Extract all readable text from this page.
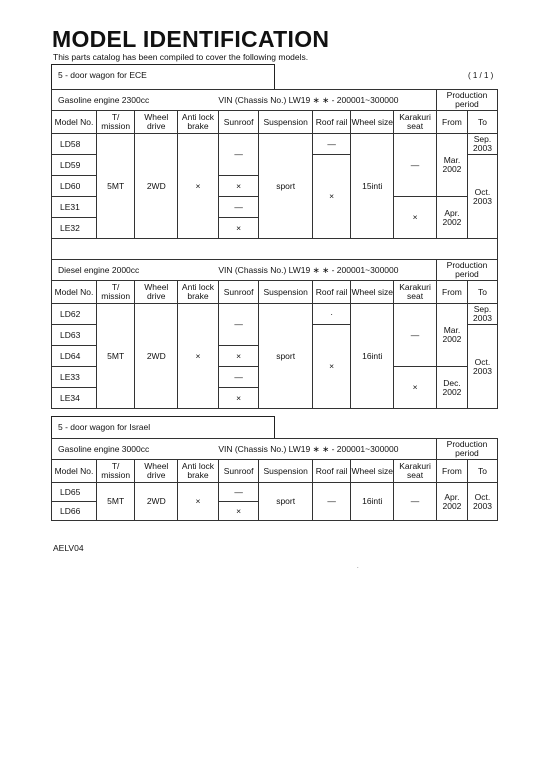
MODEL IDENTIFICATION
This parts catalog has been compiled to cover the following models.
5 - door wagon for ECE	( 1 / 1 )
Gasoline engine 2300cc				VIN (Chassis No.) LW19 ∗ ∗ - 200001~300000					Production period	
Model No.	T/ mission	Wheel drive	Anti lock brake	Sunroof	Suspension	Roof rail	Wheel size	Karakuri seat	From	To
LD58	5MT	2WD	×	—	sport	—	15inti	—	Mar. 2002	Sep. 2003
LD59						×				Oct. 2003
LD60				×						
LE31				—				×	Apr. 2002	
LE32				×						

Diesel engine 2000cc				VIN (Chassis No.) LW19 ∗ ∗ - 200001~300000					Production period	
Model No.	T/ mission	Wheel drive	Anti lock brake	Sunroof	Suspension	Roof rail	Wheel size	Karakuri seat	From	To
LD62	5MT	2WD	×	—	sport	·	16inti	—	Mar. 2002	Sep. 2003
LD63						×				Oct. 2003
LD64				×						
LE33				—				×	Dec. 2002	
LE34				×						
5 - door wagon for Israel
Gasoline engine 3000cc				VIN (Chassis No.) LW19 ∗ ∗ - 200001~300000					Production period	
Model No.	T/ mission	Wheel drive	Anti lock brake	Sunroof	Suspension	Roof rail	Wheel size	Karakuri seat	From	To
LD65	5MT	2WD	×	—	sport	—	16inti	—	Apr. 2002	Oct. 2003
LD66				×						
AELV04
.
